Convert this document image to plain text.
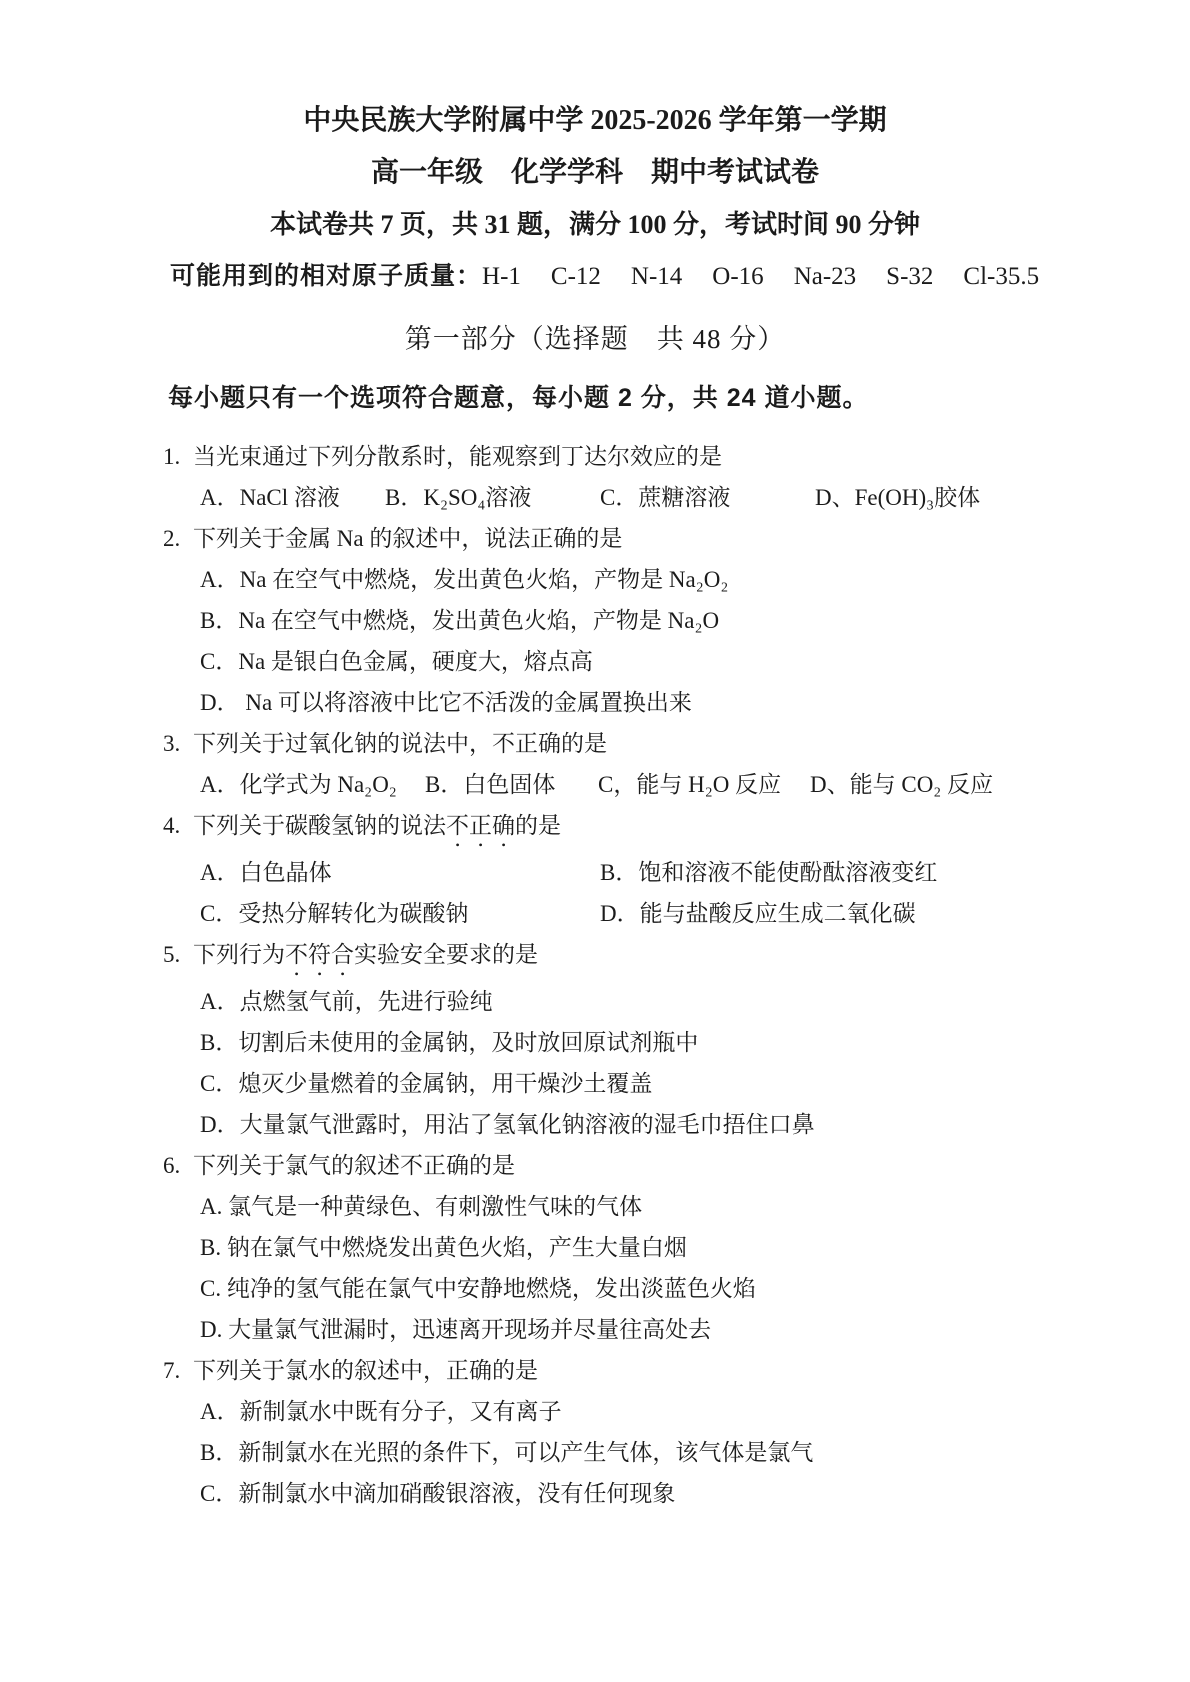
中央民族大学附属中学 2025-2026 学年第一学期
高一年级　化学学科　期中考试试卷
本试卷共 7 页，共 31 题，满分 100 分，考试时间 90 分钟
可能用到的相对原子质量： H-1 C-12 N-14 O-16 Na-23 S-32 Cl-35.5
第一部分（选择题　共 48 分）
每小题只有一个选项符合题意，每小题 2 分，共 24 道小题。
1. 当光束通过下列分散系时，能观察到丁达尔效应的是
A．NaCl 溶液 B．K₂SO₄溶液	C．蔗糖溶液	D、Fe(OH)₃胶体
2. 下列关于金属 Na 的叙述中，说法正确的是
A．Na 在空气中燃烧，发出黄色火焰，产物是 Na₂O₂
B．Na 在空气中燃烧，发出黄色火焰，产物是 Na₂O
C．Na 是银白色金属，硬度大，熔点高
D． Na 可以将溶液中比它不活泼的金属置换出来
3. 下列关于过氧化钠的说法中，不正确的是
A．化学式为 Na₂O₂ B．白色固体 C，能与 H₂O 反应 D、能与 CO₂ 反应
4. 下列关于碳酸氢钠的说法不正确的是
A．白色晶体	B．饱和溶液不能使酚酞溶液变红
C．受热分解转化为碳酸钠	D．能与盐酸反应生成二氧化碳
5. 下列行为不符合实验安全要求的是
A．点燃氢气前，先进行验纯
B．切割后未使用的金属钠，及时放回原试剂瓶中
C．熄灭少量燃着的金属钠，用干燥沙土覆盖
D．大量氯气泄露时，用沾了氢氧化钠溶液的湿毛巾捂住口鼻
6. 下列关于氯气的叙述不正确的是
A. 氯气是一种黄绿色、有刺激性气味的气体
B. 钠在氯气中燃烧发出黄色火焰，产生大量白烟
C. 纯净的氢气能在氯气中安静地燃烧，发出淡蓝色火焰
D. 大量氯气泄漏时，迅速离开现场并尽量往高处去
7. 下列关于氯水的叙述中，正确的是
A．新制氯水中既有分子，又有离子
B．新制氯水在光照的条件下，可以产生气体，该气体是氯气
C．新制氯水中滴加硝酸银溶液，没有任何现象
